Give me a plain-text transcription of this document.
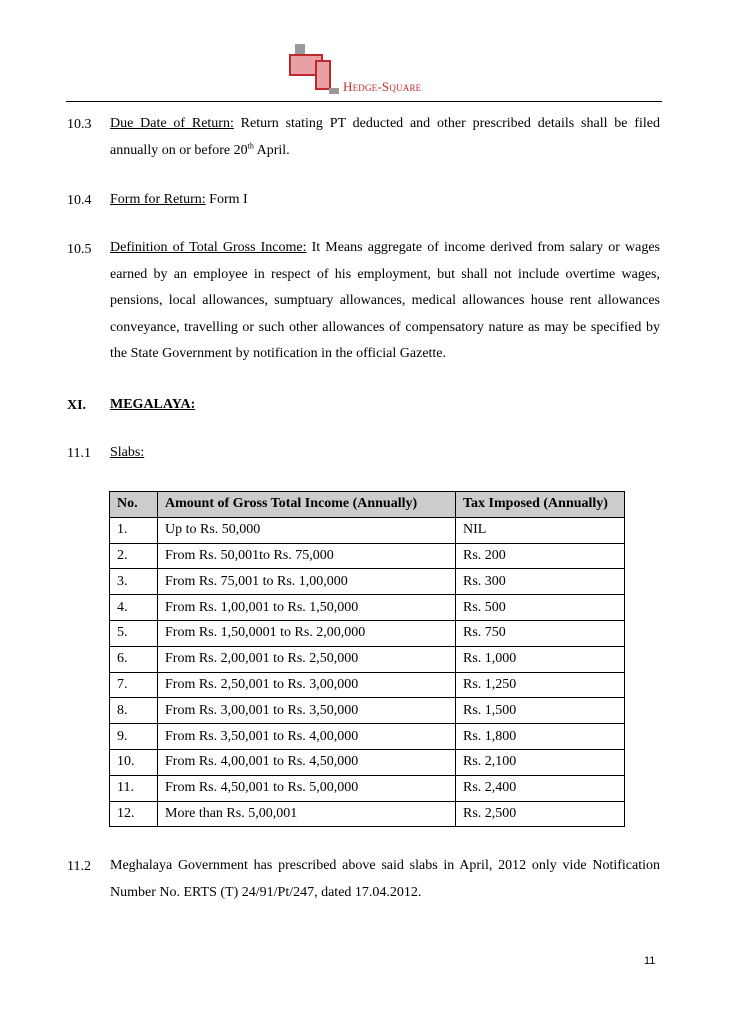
Hedge-Square
10.3 Due Date of Return: Return stating PT deducted and other prescribed details shall be filed annually on or before 20th April.
10.4 Form for Return: Form I
10.5 Definition of Total Gross Income: It Means aggregate of income derived from salary or wages earned by an employee in respect of his employment, but shall not include overtime wages, pensions, local allowances, sumptuary allowances, medical allowances house rent allowances conveyance, travelling or such other allowances of compensatory nature as may be specified by the State Government by notification in the official Gazette.
XI. MEGALAYA:
11.1 Slabs:
No.	Amount of Gross Total Income (Annually)	Tax Imposed (Annually)
1.	Up to Rs. 50,000	NIL
2.	From Rs. 50,001to Rs. 75,000	Rs. 200
3.	From Rs. 75,001 to Rs. 1,00,000	Rs. 300
4.	From Rs. 1,00,001 to Rs. 1,50,000	Rs. 500
5.	From Rs. 1,50,0001 to Rs. 2,00,000	Rs. 750
6.	From Rs. 2,00,001 to Rs. 2,50,000	Rs. 1,000
7.	From Rs. 2,50,001 to Rs. 3,00,000	Rs. 1,250
8.	From Rs. 3,00,001 to Rs. 3,50,000	Rs. 1,500
9.	From Rs. 3,50,001 to Rs. 4,00,000	Rs. 1,800
10.	From Rs. 4,00,001 to Rs. 4,50,000	Rs. 2,100
11.	From Rs. 4,50,001 to Rs. 5,00,000	Rs. 2,400
12.	More than Rs. 5,00,001	Rs. 2,500
11.2 Meghalaya Government has prescribed above said slabs in April, 2012 only vide Notification Number No. ERTS (T) 24/91/Pt/247, dated 17.04.2012.
11
